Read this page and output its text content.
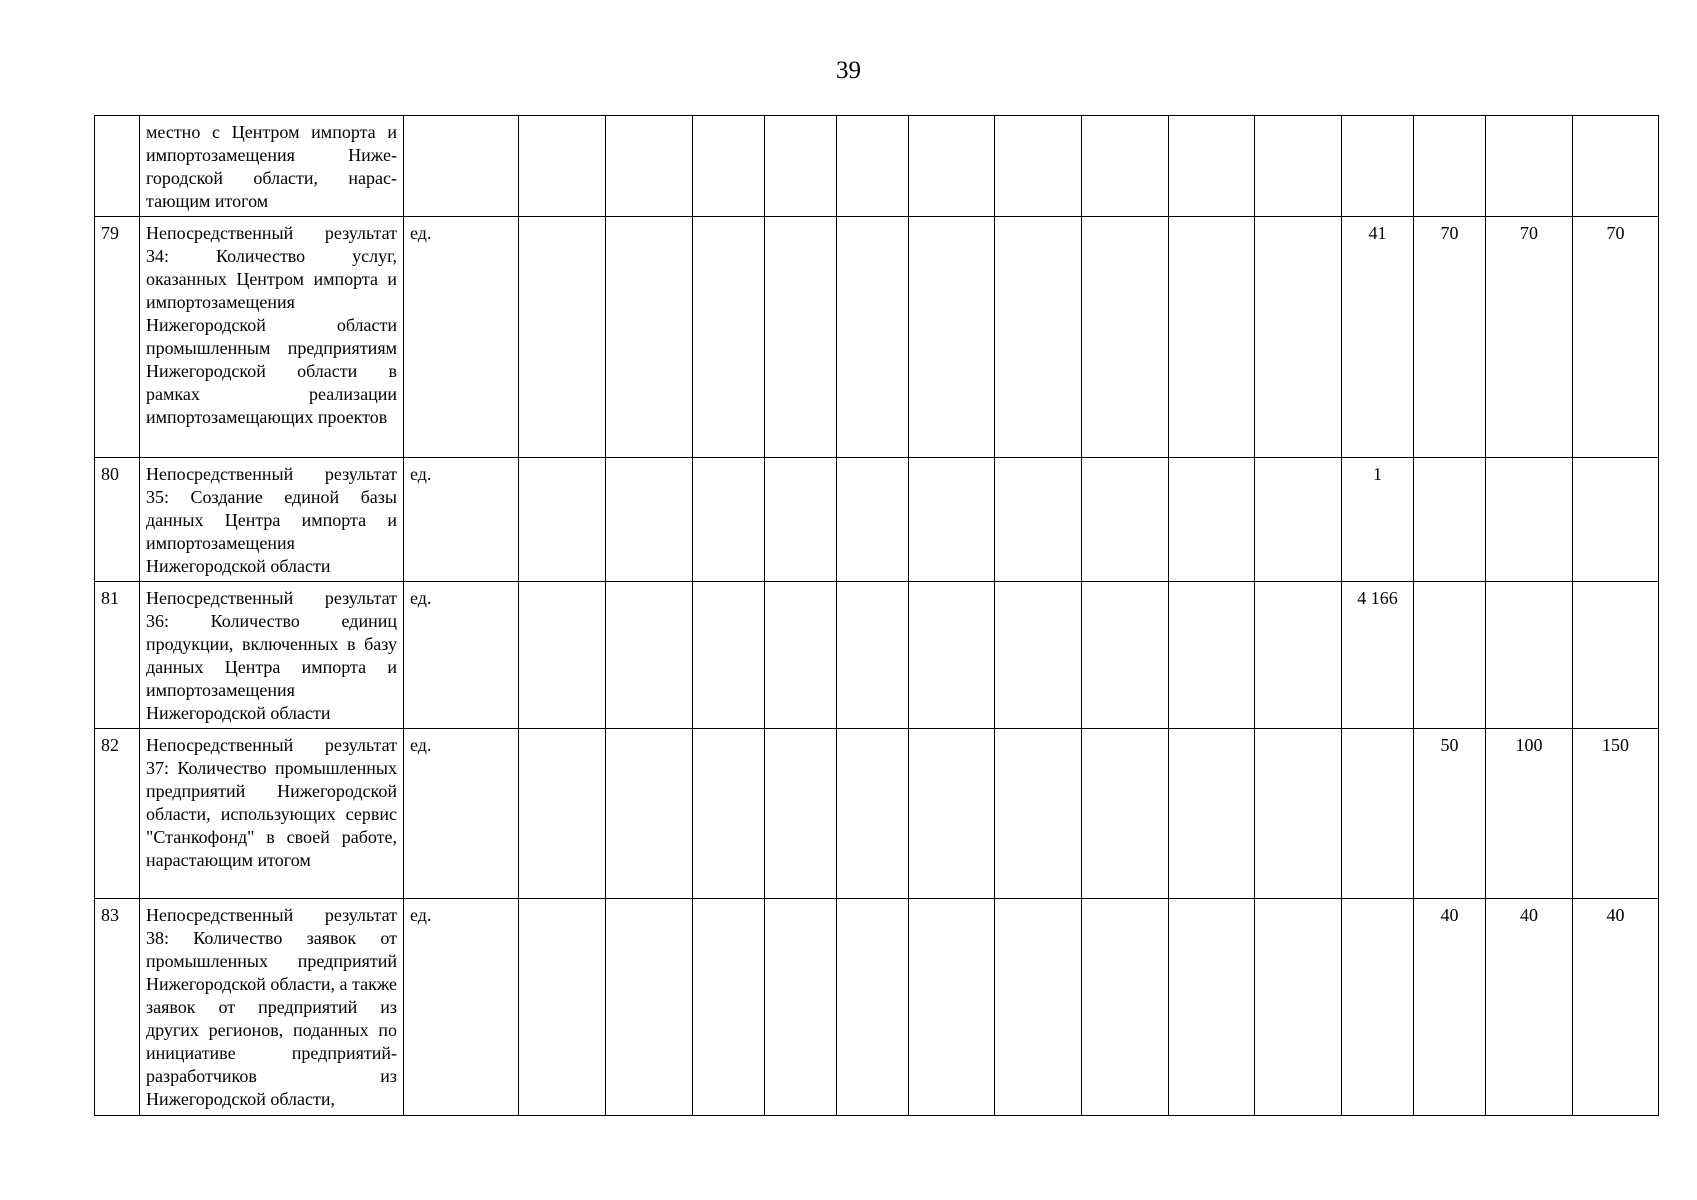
39
	местно с Центром импорта и импортозамещения Нижегородской области, нарастающим итогом															
79	Непосредственный результат 34: Количество услуг, оказанных Центром импорта и импортозамещения Нижегородской области промышленным предприятиям Нижегородской области в рамках реализации импортозамещающих проектов	ед.											41	70	70	70
80	Непосредственный результат 35: Создание единой базы данных Центра импорта и импортозамещения Нижегородской области	ед.											1			
81	Непосредственный результат 36: Количество единиц продукции, включенных в базу данных Центра импорта и импортозамещения Нижегородской области	ед.											4 166			
82	Непосредственный результат 37: Количество промышленных предприятий Нижегородской области, использующих сервис "Станкофонд" в своей работе, нарастающим итогом	ед.												50	100	150
83	Непосредственный результат 38: Количество заявок от промышленных предприятий Нижегородской области, а также заявок от предприятий из других регионов, поданных по инициативе предприятий-разработчиков из Нижегородской области,	ед.												40	40	40
